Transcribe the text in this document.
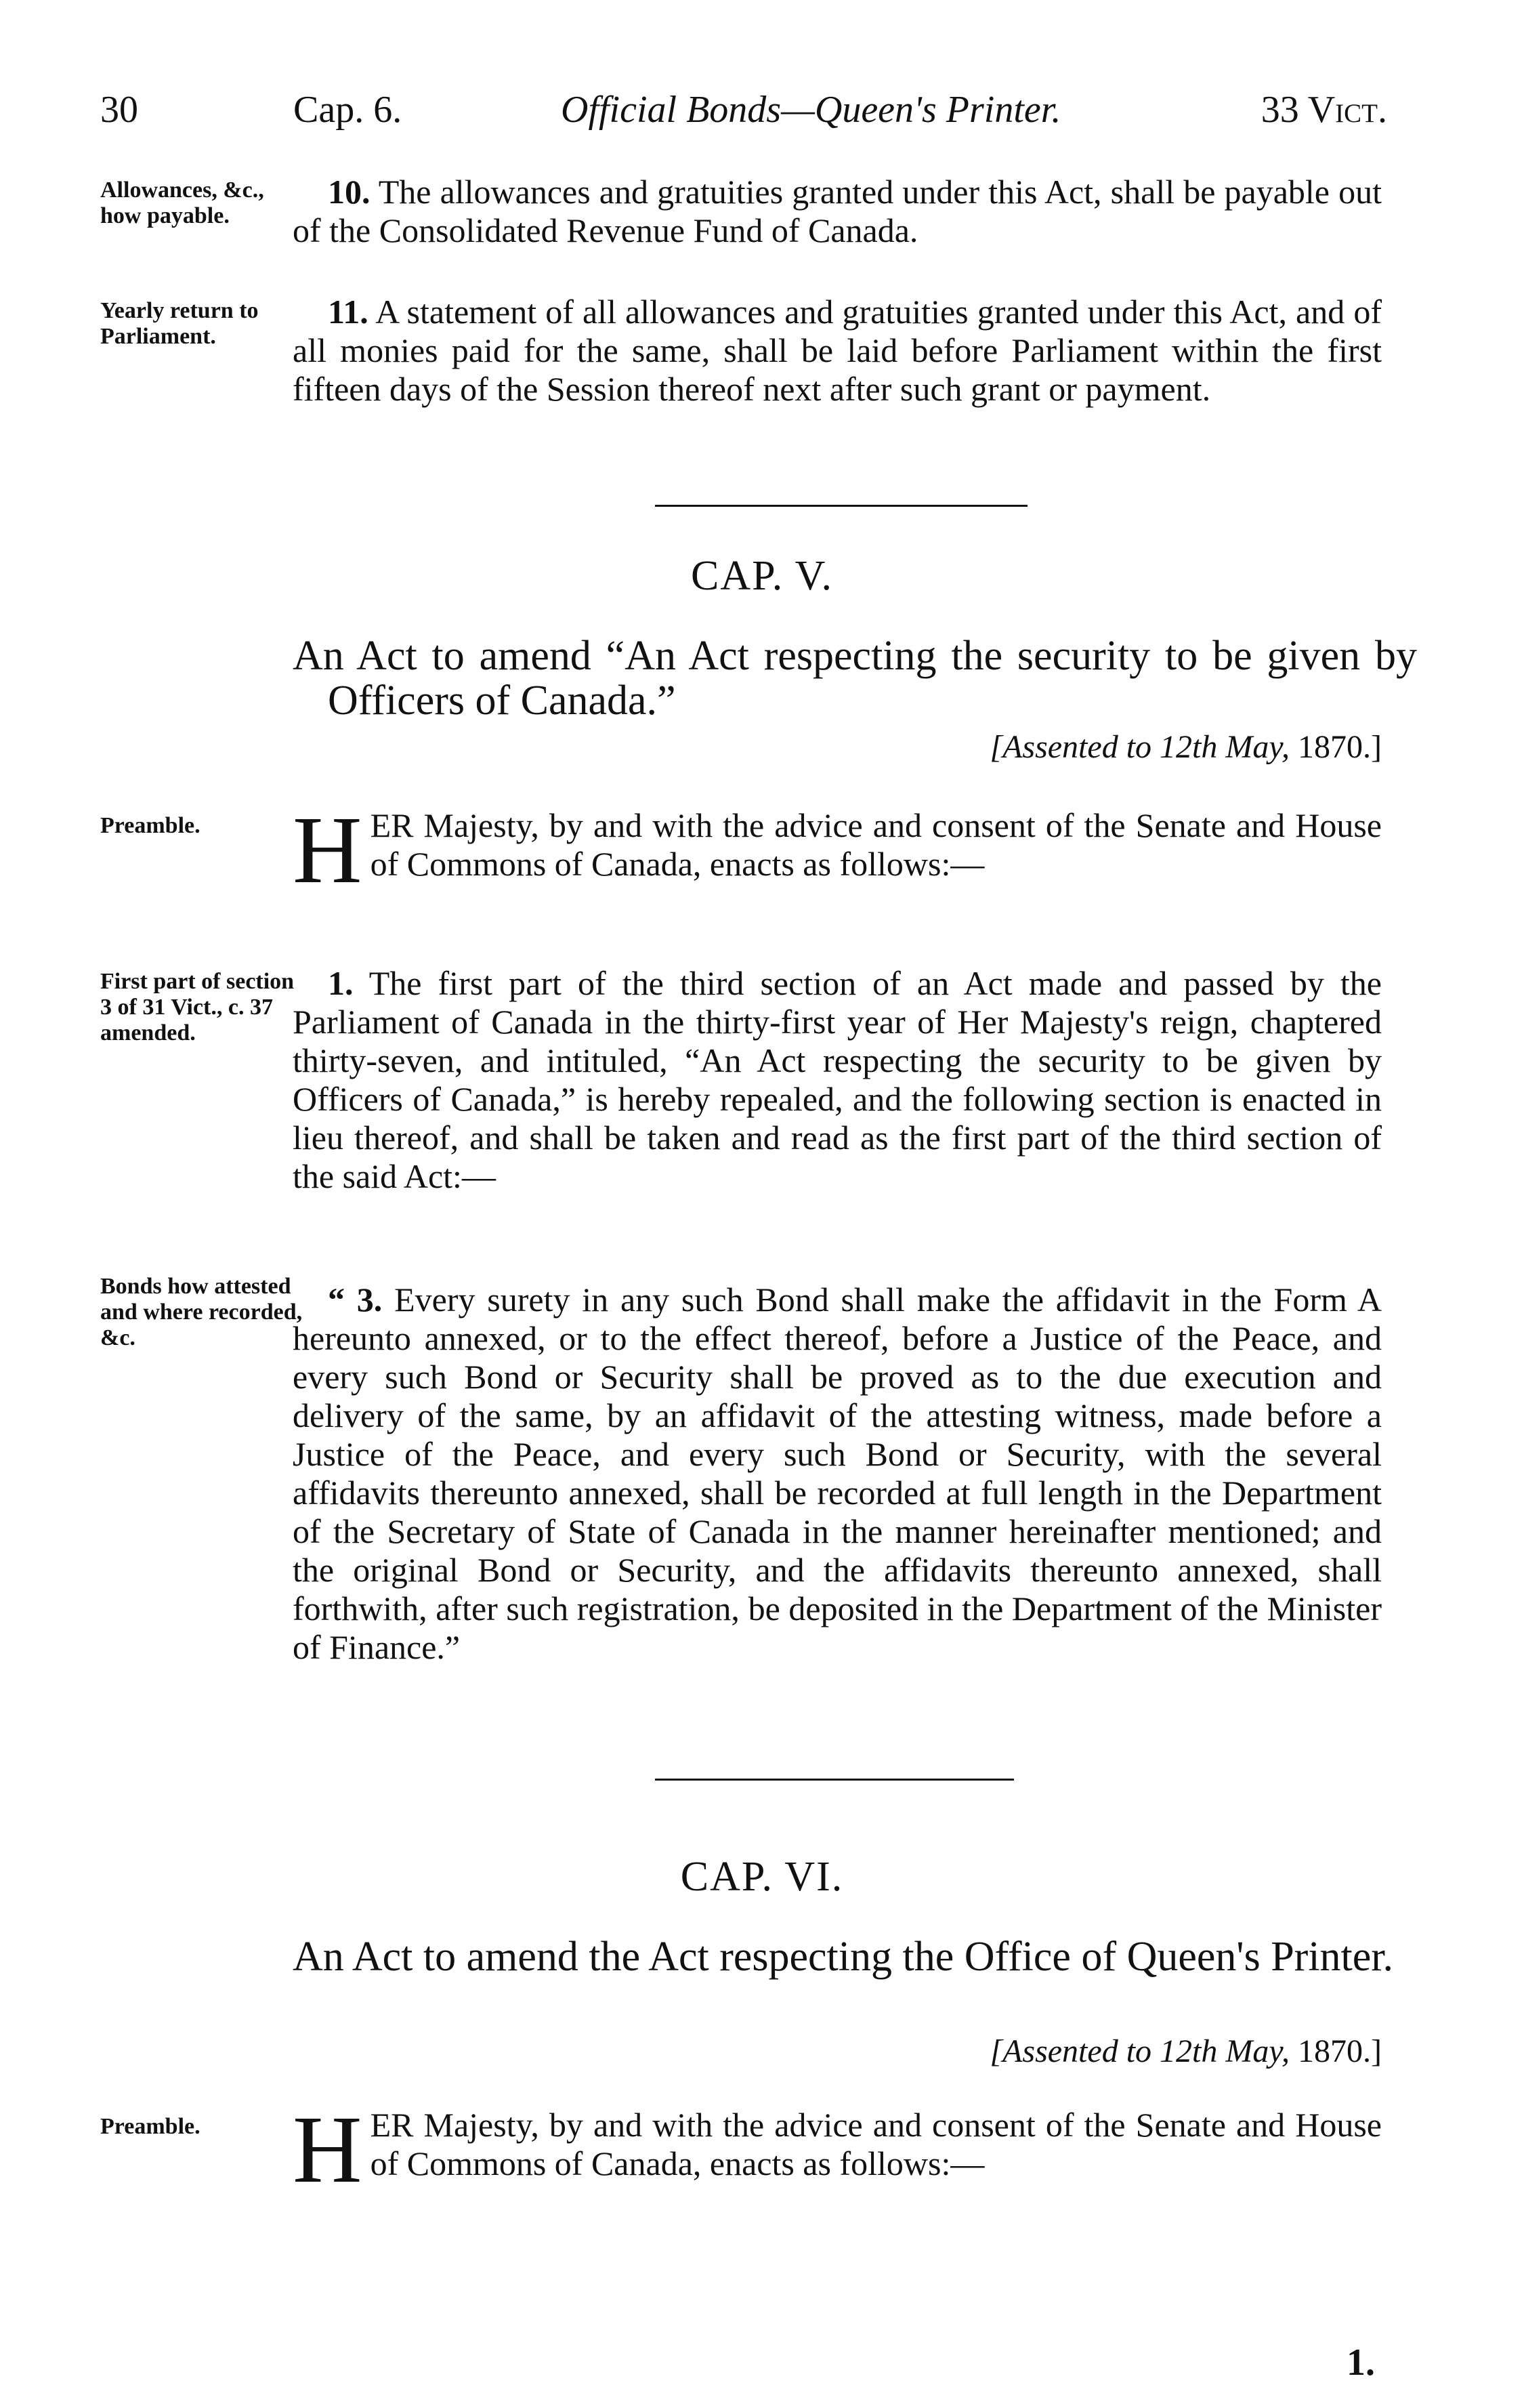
30	Cap. 6.	Official Bonds—Queen's Printer.	33 Vict.
Allowances, &c., how payable.

10. The allowances and gratuities granted under this Act, shall be payable out of the Consolidated Revenue Fund of Canada.

Yearly return to Parliament.

11. A statement of all allowances and gratuities granted under this Act, and of all monies paid for the same, shall be laid before Parliament within the first fifteen days of the Session thereof next after such grant or payment.

CAP. V.
An Act to amend “An Act respecting the security to be given by Officers of Canada.”
[Assented to 12th May, 1870.]
Preamble. HER Majesty, by and with the advice and consent of the Senate and House of Commons of Canada, enacts as follows:—

First part of section 3 of 31 Vict., c. 37 amended.

1. The first part of the third section of an Act made and passed by the Parliament of Canada in the thirty-first year of Her Majesty's reign, chaptered thirty-seven, and intituled, “An Act respecting the security to be given by Officers of Canada,” is hereby repealed, and the following section is enacted in lieu thereof, and shall be taken and read as the first part of the third section of the said Act:—

Bonds how attested and where recorded, &c.

“ 3. Every surety in any such Bond shall make the affidavit in the Form A hereunto annexed, or to the effect thereof, before a Justice of the Peace, and every such Bond or Security shall be proved as to the due execution and delivery of the same, by an affidavit of the attesting witness, made before a Justice of the Peace, and every such Bond or Security, with the several affidavits thereunto annexed, shall be recorded at full length in the Department of the Secretary of State of Canada in the manner hereinafter mentioned; and the original Bond or Security, and the affidavits thereunto annexed, shall forthwith, after such registration, be deposited in the Department of the Minister of Finance.”

CAP. VI.
An Act to amend the Act respecting the Office of Queen's Printer.
[Assented to 12th May, 1870.]
Preamble. HER Majesty, by and with the advice and consent of the Senate and House of Commons of Canada, enacts as follows:—

1.
